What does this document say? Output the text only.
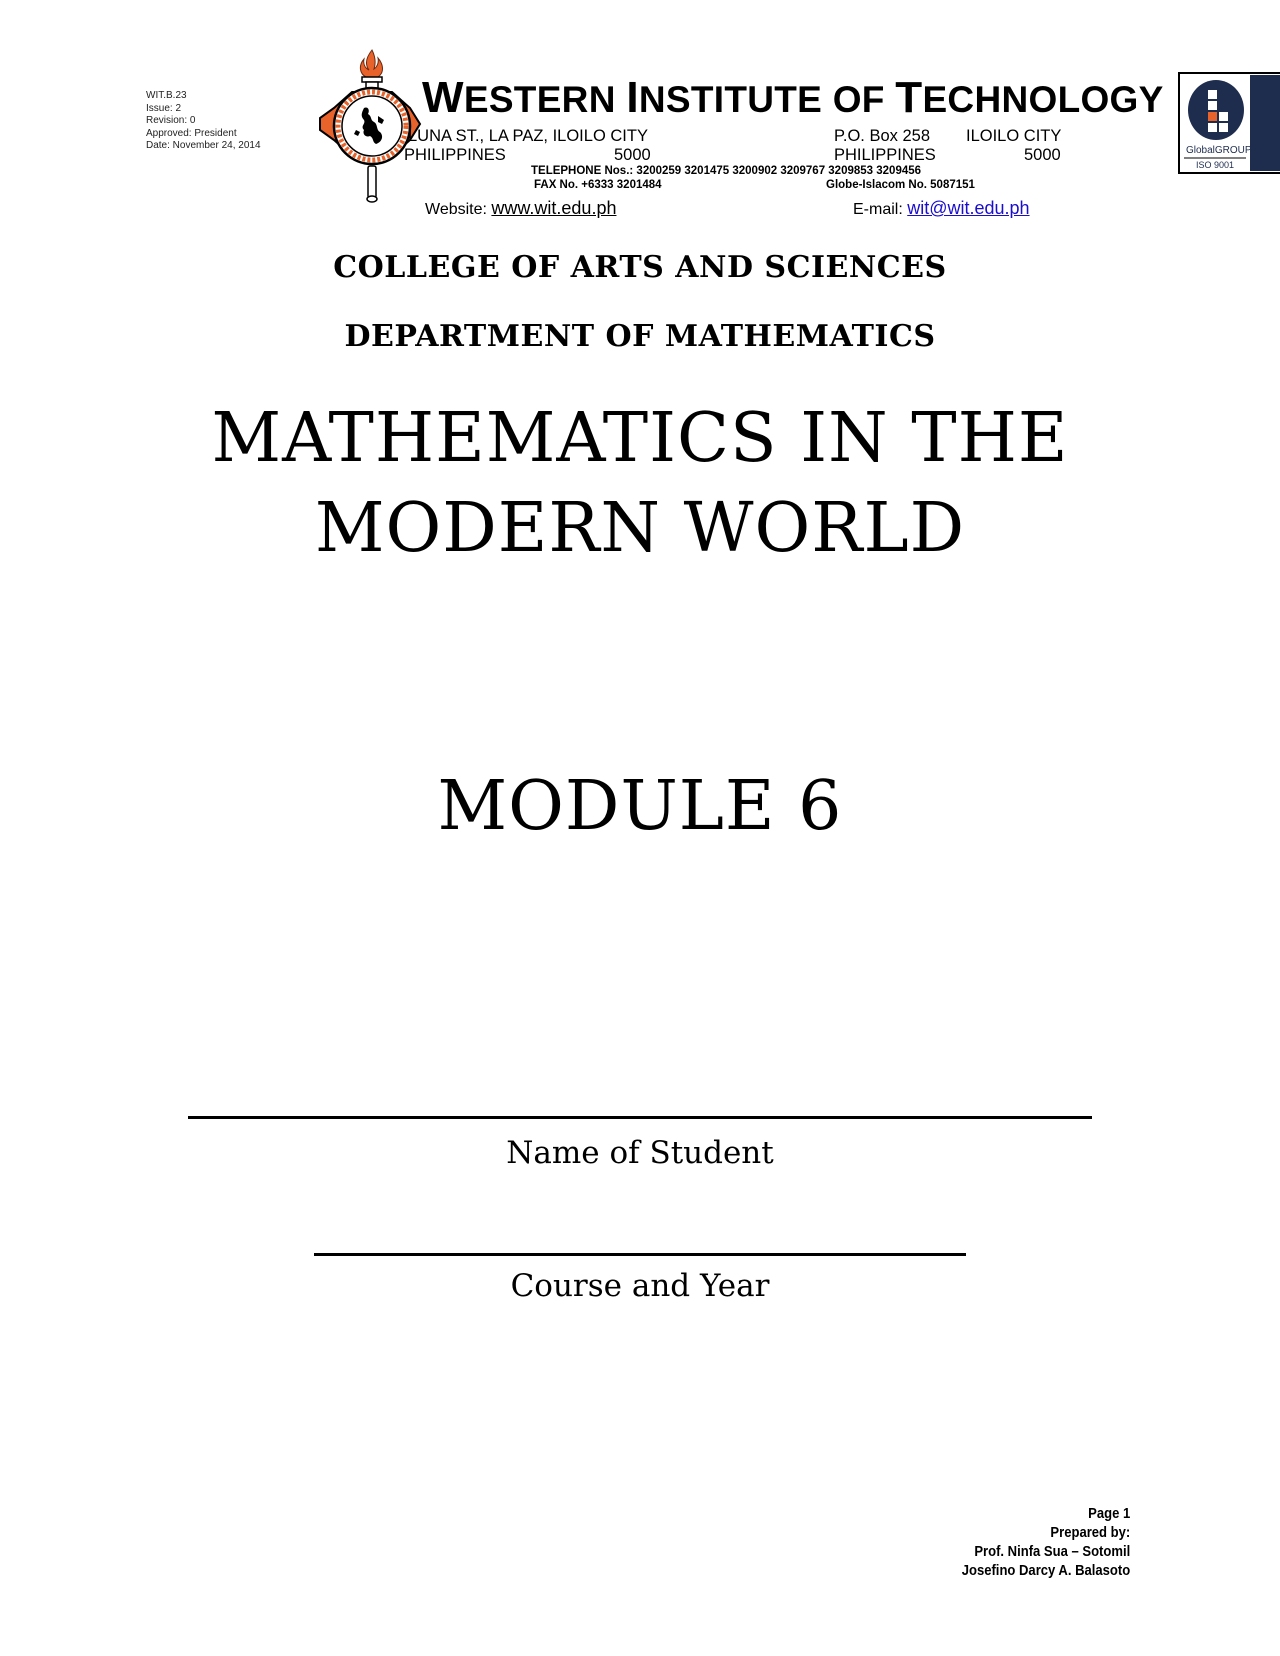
WIT.B.23
Issue: 2
Revision: 0
Approved: President
Date: November 24, 2014
WESTERN INSTITUTE OF TECHNOLOGY
LUNA ST., LA PAZ, ILOILO CITY
PHILIPPINES	5000
P.O. Box 258 ILOILO CITY
PHILIPPINES	5000
TELEPHONE Nos.: 3200259 3201475 3200902 3209767 3209853 3209456
FAX No. +6333 3201484	Globe-Islacom No. 5087151
Website: www.wit.edu.ph	E-mail: wit@wit.edu.ph
GlobalGROUP
ISO 9001
COLLEGE OF ARTS AND SCIENCES
DEPARTMENT OF MATHEMATICS
MATHEMATICS IN THE
MODERN WORLD
MODULE 6
Name of Student
Course and Year
Page 1
Prepared by:
Prof. Ninfa Sua – Sotomil
Josefino Darcy A. Balasoto
